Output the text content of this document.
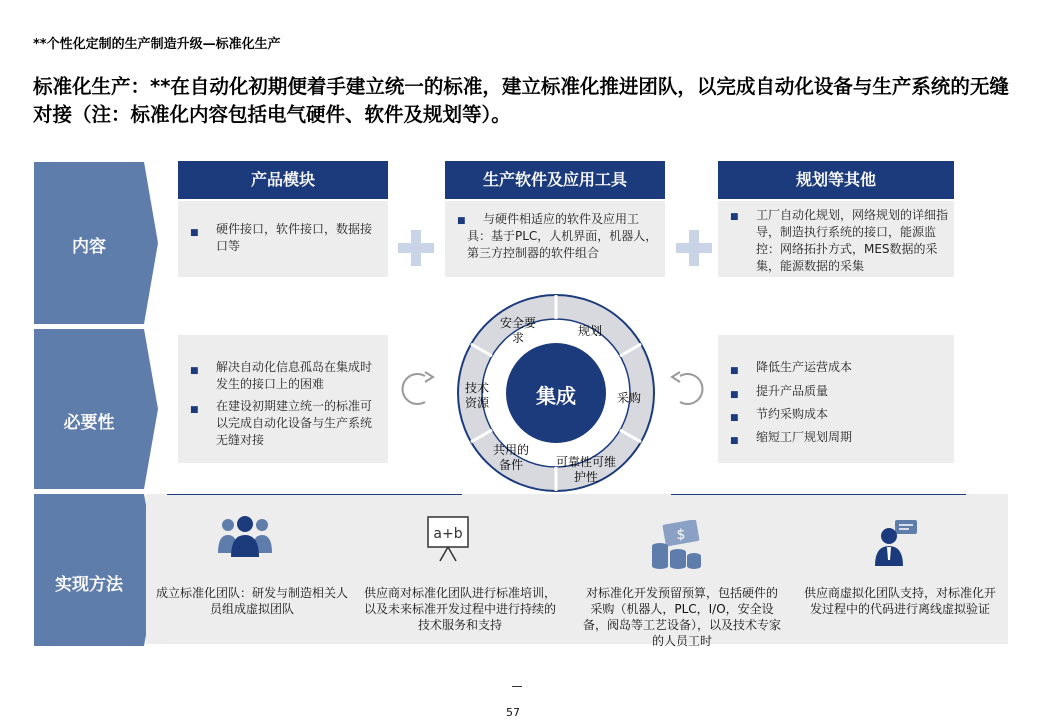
**个性化定制的生产制造升级—标准化生产
标准化生产：**在自动化初期便着手建立统一的标准，建立标准化推进团队，以完成自动化设备与生产系统的无缝对接（注：标准化内容包括电气硬件、软件及规划等）。
内容
必要性
实现方法
产品模块	生产软件及应用工具	规划等其他
■ 硬件接口，软件接口，数据接口等
■	与硬件相适应的软件及应用工具：基于PLC，人机界面，机器人，第三方控制器的软件组合
■ 工厂自动化规划，网络规划的详细指导，制造执行系统的接口，能源监控：网络拓扑方式，MES数据的采集，能源数据的采集
■ 解决自动化信息孤岛在集成时发生的接口上的困难
■ 在建设初期建立统一的标准可以完成自动化设备与生产系统无缝对接
■ 降低生产运营成本
■ 提升产品质量
■ 节约采购成本
■ 缩短工厂规划周期
集成
安全要求	规划
采购
可靠性可维护性
共用的备件
技术资源
a+b	$
成立标准化团队：研发与制造相关人员组成虚拟团队
供应商对标准化团队进行标准培训，以及未来标准开发过程中进行持续的技术服务和支持
对标准化开发预留预算，包括硬件的采购（机器人，PLC，I/O，安全设备，阀岛等工艺设备），以及技术专家的人员工时
供应商虚拟化团队支持，对标准化开发过程中的代码进行离线虚拟验证
57
